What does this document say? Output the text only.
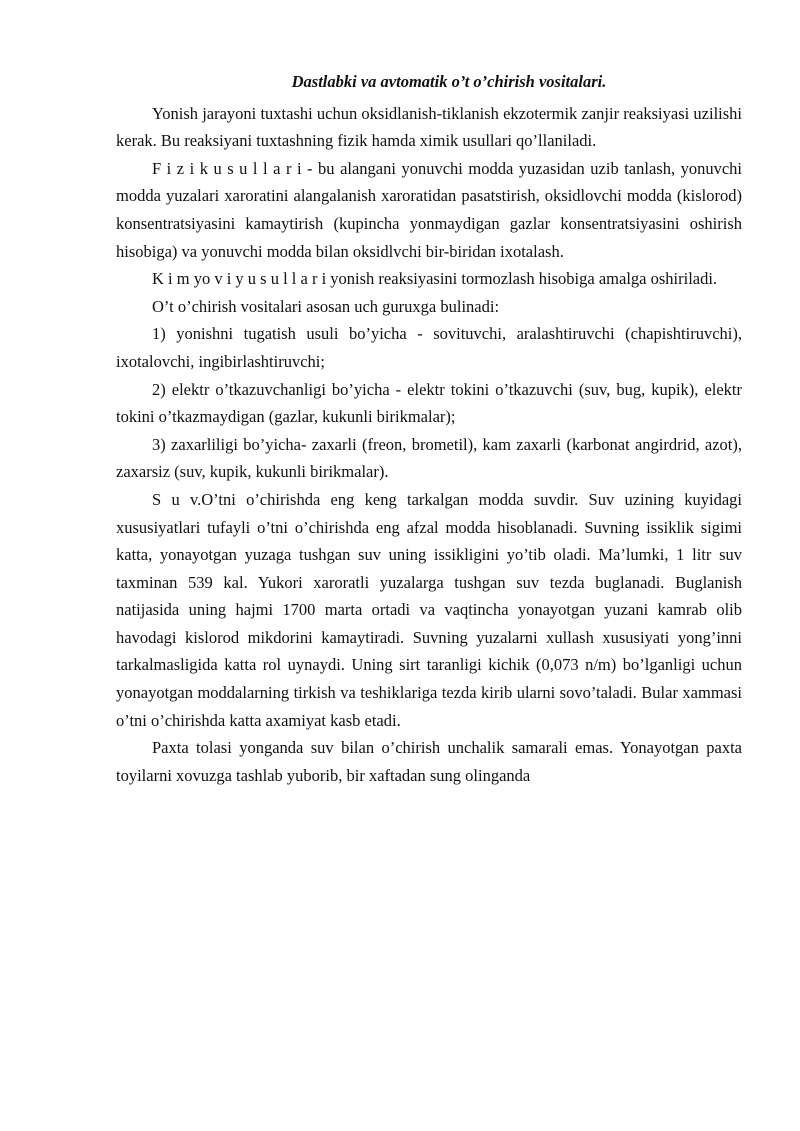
Dastlabki va avtomatik o’t o’chirish vositalari.

Yonish jarayoni tuxtashi uchun oksidlanish-tiklanish ekzotermik zanjir reaksiyasi uzilishi kerak. Bu reaksiyani tuxtashning fizik hamda ximik usullari qo’llaniladi.

F i z i k u s u l l a r i - bu alangani yonuvchi modda yuzasidan uzib tanlash, yonuvchi modda yuzalari xaroratini alangalanish xaroratidan pasatstirish, oksidlovchi modda (kislorod) konsentratsiyasini kamaytirish (kupincha yonmaydigan gazlar konsentratsiyasini oshirish hisobiga) va yonuvchi modda bilan oksidlvchi bir-biridan ixotalash.

K i m yo v i y u s u l l a r i yonish reaksiyasini tormozlash hisobiga amalga oshiriladi.

O’t o’chirish vositalari asosan uch guruxga bulinadi:

1) yonishni tugatish usuli bo’yicha - sovituvchi, aralashtiruvchi (chapishtiruvchi), ixotalovchi, ingibirlashtiruvchi;

2) elektr o’tkazuvchanligi bo’yicha - elektr tokini o’tkazuvchi (suv, bug, kupik), elektr tokini o’tkazmaydigan (gazlar, kukunli birikmalar);

3) zaxarliligi bo’yicha- zaxarli (freon, brometil), kam zaxarli (karbonat angirdrid, azot), zaxarsiz (suv, kupik, kukunli birikmalar).

S u v.O’tni o’chirishda eng keng tarkalgan modda suvdir. Suv uzining kuyidagi xususiyatlari tufayli o’tni o’chirishda eng afzal modda hisoblanadi. Suvning issiklik sigimi katta, yonayotgan yuzaga tushgan suv uning issikligini yo’tib oladi. Ma’lumki, 1 litr suv taxminan 539 kal. Yukori xaroratli yuzalarga tushgan suv tezda buglanadi. Buglanish natijasida uning hajmi 1700 marta ortadi va vaqtincha yonayotgan yuzani kamrab olib havodagi kislorod mikdorini kamaytiradi. Suvning yuzalarni xullash xususiyati yong’inni tarkalmasligida katta rol uynaydi. Uning sirt taranligi kichik (0,073 n/m) bo’lganligi uchun yonayotgan moddalarning tirkish va teshiklariga tezda kirib ularni sovo’taladi. Bular xammasi o’tni o’chirishda katta axamiyat kasb etadi.

Paxta tolasi yonganda suv bilan o’chirish unchalik samarali emas. Yonayotgan paxta toyilarni xovuzga tashlab yuborib, bir xaftadan sung olinganda
